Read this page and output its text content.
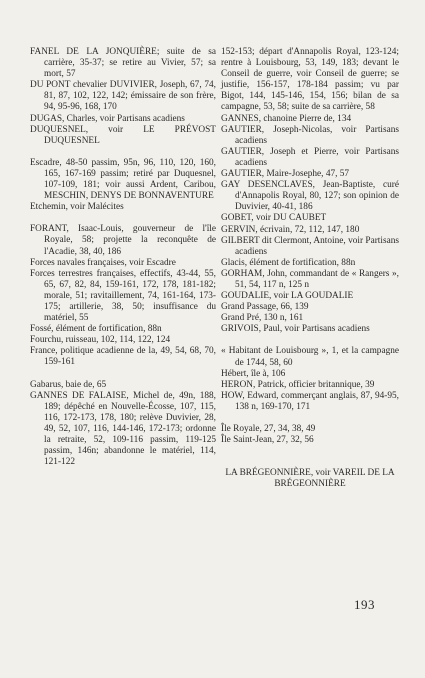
FANEL DE LA JONQUIÈRE; suite de sa carrière, 35-37; se retire au Vivier, 57; sa mort, 57

DU PONT chevalier DUVIVIER, Joseph, 67, 74, 81, 87, 102, 122, 142; émissaire de son frère, 94, 95-96, 168, 170

DUGAS, Charles, voir Partisans acadiens

DUQUESNEL, voir LE PRÉVOST DUQUESNEL

Escadre, 48-50 passim, 95n, 96, 110, 120, 160, 165, 167-169 passim; retiré par Duquesnel, 107-109, 181; voir aussi Ardent, Caribou, MESCHIN, DENYS DE BONNAVENTURE

Etchemin, voir Malécites

FORANT, Isaac-Louis, gouverneur de l'île Royale, 58; projette la reconquête de l'Acadie, 38, 40, 186

Forces navales françaises, voir Escadre

Forces terrestres françaises, effectifs, 43-44, 55, 65, 67, 82, 84, 159-161, 172, 178, 181-182; morale, 51; ravitaillement, 74, 161-164, 173-175; artillerie, 38, 50; insuffisance du matériel, 55

Fossé, élément de fortification, 88n

Fourchu, ruisseau, 102, 114, 122, 124

France, politique acadienne de la, 49, 54, 68, 70, 159-161

Gabarus, baie de, 65

GANNES DE FALAISE, Michel de, 49n, 188, 189; dépêché en Nouvelle-Écosse, 107, 115, 116, 172-173, 178, 180; relève Duvivier, 28, 49, 52, 107, 116, 144-146, 172-173; ordonne la retraite, 52, 109-116 passim, 119-125 passim, 146n; abandonne le matériel, 114, 121-122

152-153; départ d'Annapolis Royal, 123-124; rentre à Louisbourg, 53, 149, 183; devant le Conseil de guerre, voir Conseil de guerre; se justifie, 156-157, 178-184 passim; vu par Bigot, 144, 145-146, 154, 156; bilan de sa campagne, 53, 58; suite de sa carrière, 58

GANNES, chanoine Pierre de, 134

GAUTIER, Joseph-Nicolas, voir Partisans acadiens

GAUTIER, Joseph et Pierre, voir Partisans acadiens

GAUTIER, Maire-Josephe, 47, 57

GAY DESENCLAVES, Jean-Baptiste, curé d'Annapolis Royal, 80, 127; son opinion de Duvivier, 40-41, 186

GOBET, voir DU CAUBET

GERVIN, écrivain, 72, 112, 147, 180

GILBERT dit Clermont, Antoine, voir Partisans acadiens

Glacis, élément de fortification, 88n

GORHAM, John, commandant de « Rangers », 51, 54, 117 n, 125 n

GOUDALIE, voir LA GOUDALIE

Grand Passage, 66, 139

Grand Pré, 130 n, 161

GRIVOIS, Paul, voir Partisans acadiens

« Habitant de Louisbourg », 1, et la campagne de 1744, 58, 60

Hébert, île à, 106

HERON, Patrick, officier britannique, 39

HOW, Edward, commerçant anglais, 87, 94-95, 138 n, 169-170, 171

Île Royale, 27, 34, 38, 49

Île Saint-Jean, 27, 32, 56

LA BRÉGEONNIÈRE, voir VAREIL DE LA BRÉGEONNIÈRE

193
